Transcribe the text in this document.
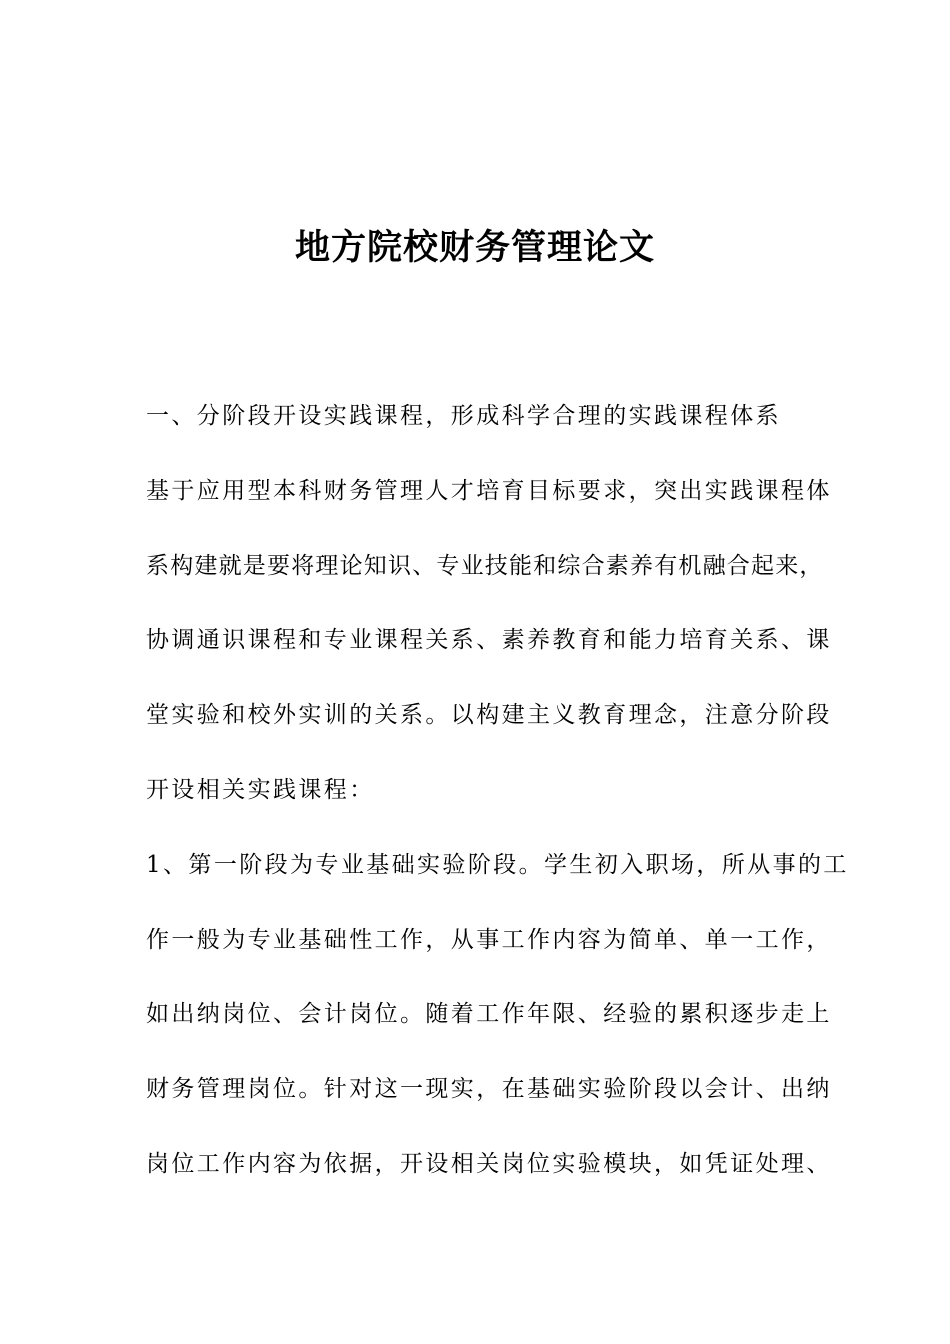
地方院校财务管理论文
一、分阶段开设实践课程，形成科学合理的实践课程体系
基于应用型本科财务管理人才培育目标要求，突出实践课程体
系构建就是要将理论知识、专业技能和综合素养有机融合起来，
协调通识课程和专业课程关系、素养教育和能力培育关系、课
堂实验和校外实训的关系。以构建主义教育理念，注意分阶段
开设相关实践课程：
1、第一阶段为专业基础实验阶段。学生初入职场，所从事的工
作一般为专业基础性工作，从事工作内容为简单、单一工作，
如出纳岗位、会计岗位。随着工作年限、经验的累积逐步走上
财务管理岗位。针对这一现实，在基础实验阶段以会计、出纳
岗位工作内容为依据，开设相关岗位实验模块，如凭证处理、
